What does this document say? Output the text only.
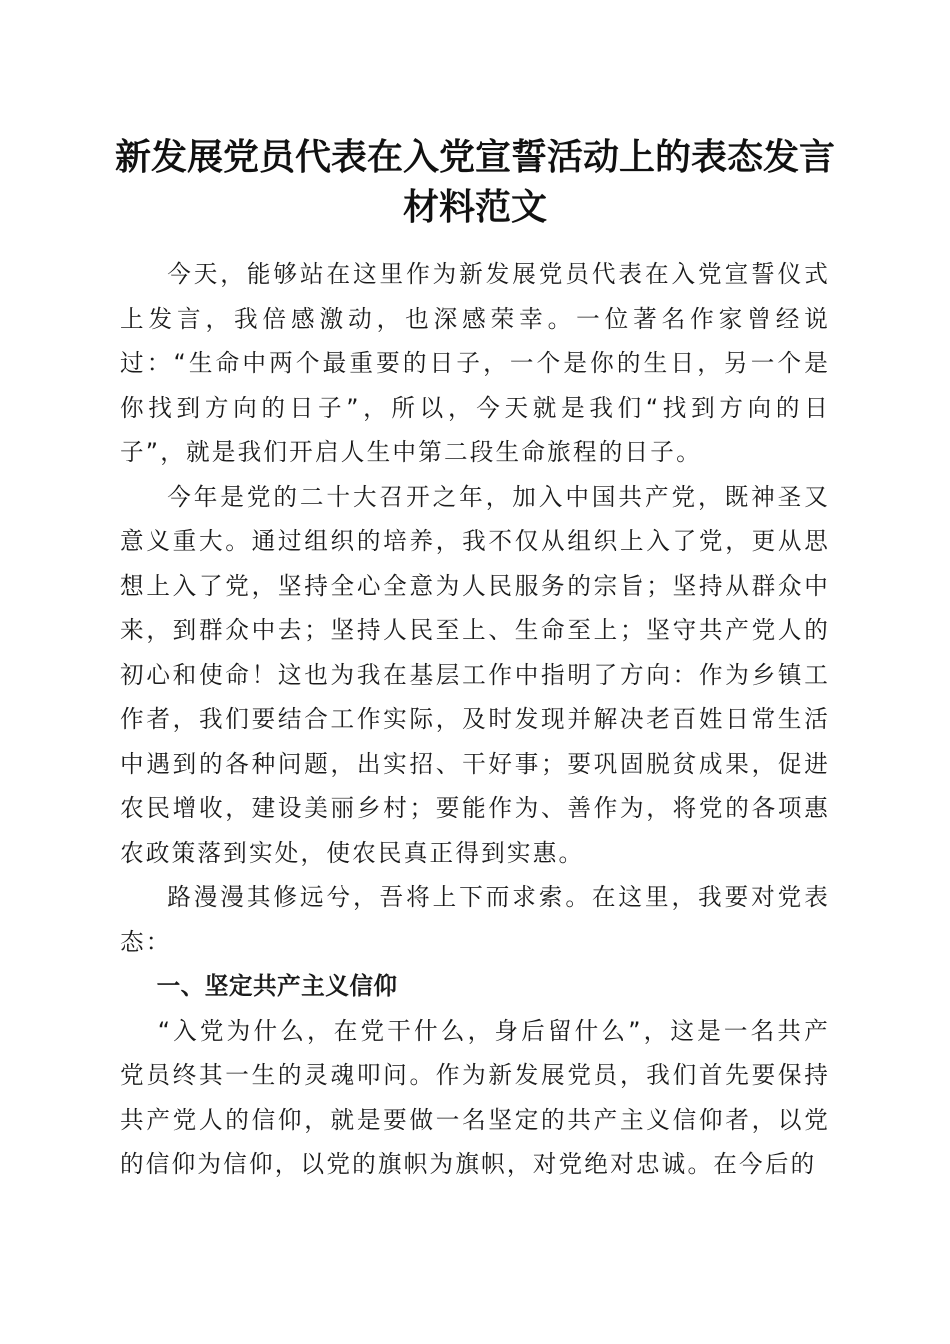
新发展党员代表在入党宣誓活动上的表态发言
材料范文

今天，能够站在这里作为新发展党员代表在入党宣誓仪式上发言，我倍感激动，也深感荣幸。一位著名作家曾经说过：“生命中两个最重要的日子，一个是你的生日，另一个是你找到方向的日子”，所以，今天就是我们“找到方向的日子”，就是我们开启人生中第二段生命旅程的日子。

今年是党的二十大召开之年，加入中国共产党，既神圣又意义重大。通过组织的培养，我不仅从组织上入了党，更从思想上入了党，坚持全心全意为人民服务的宗旨；坚持从群众中来，到群众中去；坚持人民至上、生命至上；坚守共产党人的初心和使命！这也为我在基层工作中指明了方向：作为乡镇工作者，我们要结合工作实际，及时发现并解决老百姓日常生活中遇到的各种问题，出实招、干好事；要巩固脱贫成果，促进农民增收，建设美丽乡村；要能作为、善作为，将党的各项惠农政策落到实处，使农民真正得到实惠。

路漫漫其修远兮，吾将上下而求索。在这里，我要对党表态：

一、坚定共产主义信仰

“入党为什么，在党干什么，身后留什么”，这是一名共产党员终其一生的灵魂叩问。作为新发展党员，我们首先要保持共产党人的信仰，就是要做一名坚定的共产主义信仰者，以党的信仰为信仰，以党的旗帜为旗帜，对党绝对忠诚。在今后的
